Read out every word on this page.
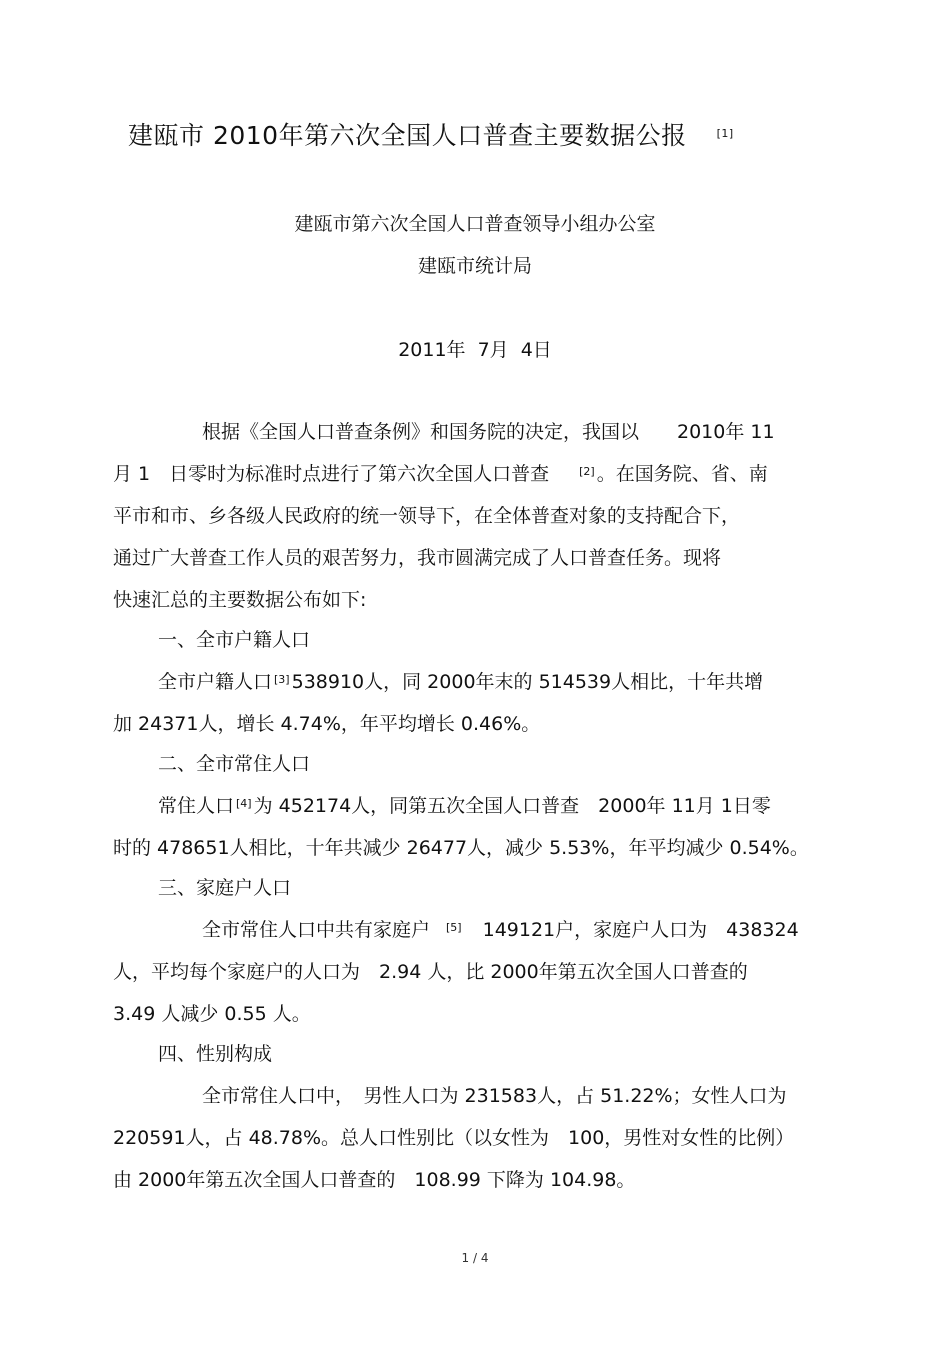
建瓯市 2010年第六次全国人口普查主要数据公报	[1]
建瓯市第六次全国人口普查领导小组办公室
建瓯市统计局
2011年 7月 4日
根据《全国人口普查条例》和国务院的决定，我国以　　2010年 11
月 1　日零时为标准时点进行了第六次全国人口普查	[2] 。在国务院、省、南
平市和市、乡各级人民政府的统一领导下，在全体普查对象的支持配合下，
通过广大普查工作人员的艰苦努力，我市圆满完成了人口普查任务。现将
快速汇总的主要数据公布如下:
一、全市户籍人口
全市户籍人口 [3] 538910人，同 2000年末的 514539人相比，十年共增
加 24371人，增长 4.74%，年平均增长 0.46%。
二、全市常住人口
常住人口 [4] 为 452174人，同第五次全国人口普查　2000年 11月 1日零
时的 478651人相比，十年共减少 26477人，减少 5.53%，年平均减少 0.54%。
三、家庭户人口
全市常住人口中共有家庭户 [5]　149121户，家庭户人口为　438324
人，平均每个家庭户的人口为　2.94 人，比 2000年第五次全国人口普查的
3.49 人减少 0.55 人。
四、性别构成
全市常住人口中，　男性人口为 231583人，占 51.22%；女性人口为
220591人，占 48.78%。总人口性别比（以女性为　100，男性对女性的比例）
由 2000年第五次全国人口普查的　108.99 下降为 104.98。
1 / 4
